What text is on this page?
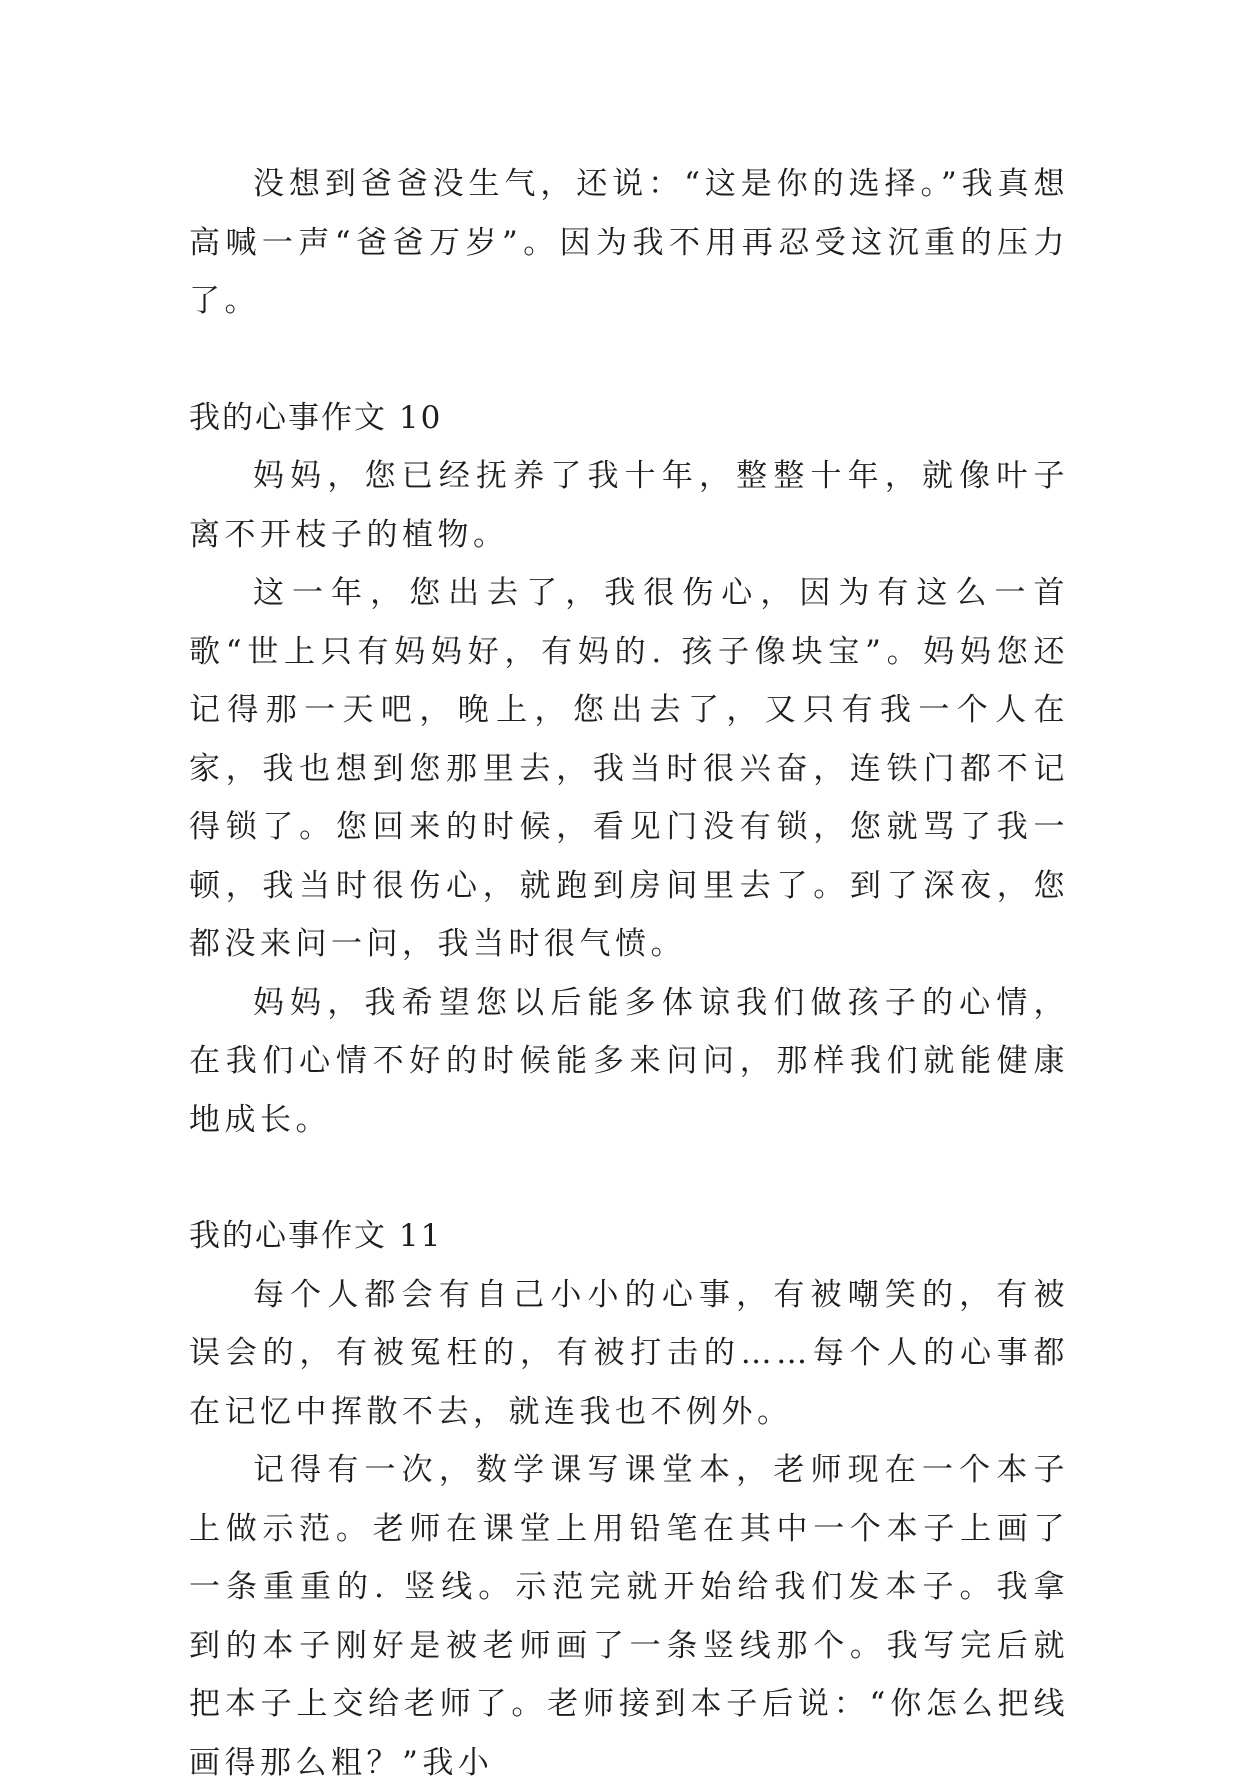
没想到爸爸没生气，还说：“这是你的选择。”我真想高喊一声“爸爸万岁”。因为我不用再忍受这沉重的压力了。

我的心事作文 10

妈妈，您已经抚养了我十年，整整十年，就像叶子离不开枝子的植物。

这一年，您出去了，我很伤心，因为有这么一首歌“世上只有妈妈好，有妈的. 孩子像块宝”。妈妈您还记得那一天吧，晚上，您出去了，又只有我一个人在家，我也想到您那里去，我当时很兴奋，连铁门都不记得锁了。您回来的时候，看见门没有锁，您就骂了我一顿，我当时很伤心，就跑到房间里去了。到了深夜，您都没来问一问，我当时很气愤。

妈妈，我希望您以后能多体谅我们做孩子的心情，在我们心情不好的时候能多来问问，那样我们就能健康地成长。

我的心事作文 11

每个人都会有自己小小的心事，有被嘲笑的，有被误会的，有被冤枉的，有被打击的……每个人的心事都在记忆中挥散不去，就连我也不例外。

记得有一次，数学课写课堂本，老师现在一个本子上做示范。老师在课堂上用铅笔在其中一个本子上画了一条重重的. 竖线。示范完就开始给我们发本子。我拿到的本子刚好是被老师画了一条竖线那个。我写完后就把本子上交给老师了。老师接到本子后说：“你怎么把线画得那么粗？”我小
